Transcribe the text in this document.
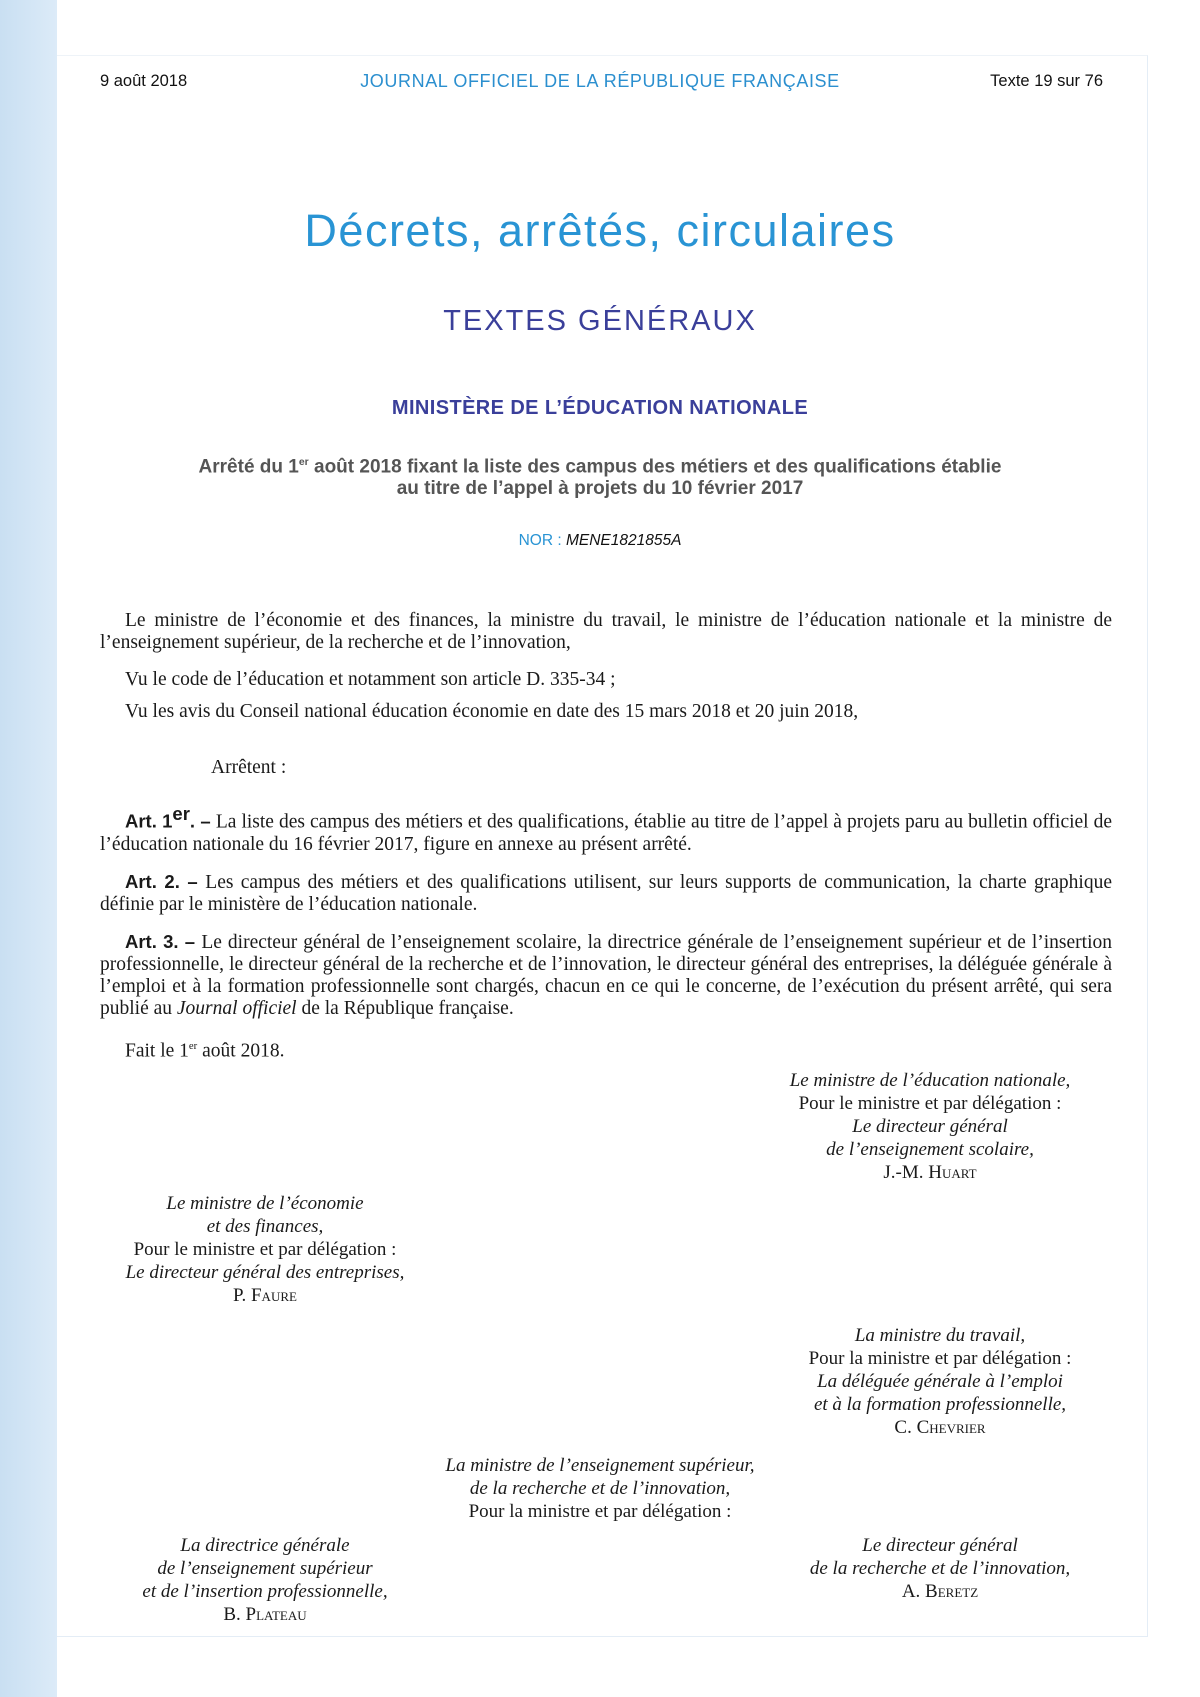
9 août 2018	JOURNAL OFFICIEL DE LA RÉPUBLIQUE FRANÇAISE	Texte 19 sur 76
Décrets, arrêtés, circulaires
TEXTES GÉNÉRAUX
MINISTÈRE DE L’ÉDUCATION NATIONALE
Arrêté du 1er août 2018 fixant la liste des campus des métiers et des qualifications établie
au titre de l’appel à projets du 10 février 2017
NOR : MENE1821855A

Le ministre de l’économie et des finances, la ministre du travail, le ministre de l’éducation nationale et la ministre de l’enseignement supérieur, de la recherche et de l’innovation,

Vu le code de l’éducation et notamment son article D. 335-34 ;

Vu les avis du Conseil national éducation économie en date des 15 mars 2018 et 20 juin 2018,

Arrêtent :

Art. 1er. – La liste des campus des métiers et des qualifications, établie au titre de l’appel à projets paru au bulletin officiel de l’éducation nationale du 16 février 2017, figure en annexe au présent arrêté.

Art. 2. – Les campus des métiers et des qualifications utilisent, sur leurs supports de communication, la charte graphique définie par le ministère de l’éducation nationale.

Art. 3. – Le directeur général de l’enseignement scolaire, la directrice générale de l’enseignement supérieur et de l’insertion professionnelle, le directeur général de la recherche et de l’innovation, le directeur général des entreprises, la déléguée générale à l’emploi et à la formation professionnelle sont chargés, chacun en ce qui le concerne, de l’exécution du présent arrêté, qui sera publié au Journal officiel de la République française.

Fait le 1er août 2018.

Le ministre de l’éducation nationale,
Pour le ministre et par délégation :
Le directeur général
de l’enseignement scolaire,
J.-M. Huart
Le ministre de l’économie
et des finances,
Pour le ministre et par délégation :
Le directeur général des entreprises,
P. Faure
La ministre du travail,
Pour la ministre et par délégation :
La déléguée générale à l’emploi
et à la formation professionnelle,
C. Chevrier
La ministre de l’enseignement supérieur,
de la recherche et de l’innovation,
Pour la ministre et par délégation :
La directrice générale
de l’enseignement supérieur
et de l’insertion professionnelle,
B. Plateau
Le directeur général
de la recherche et de l’innovation,
A. Beretz
